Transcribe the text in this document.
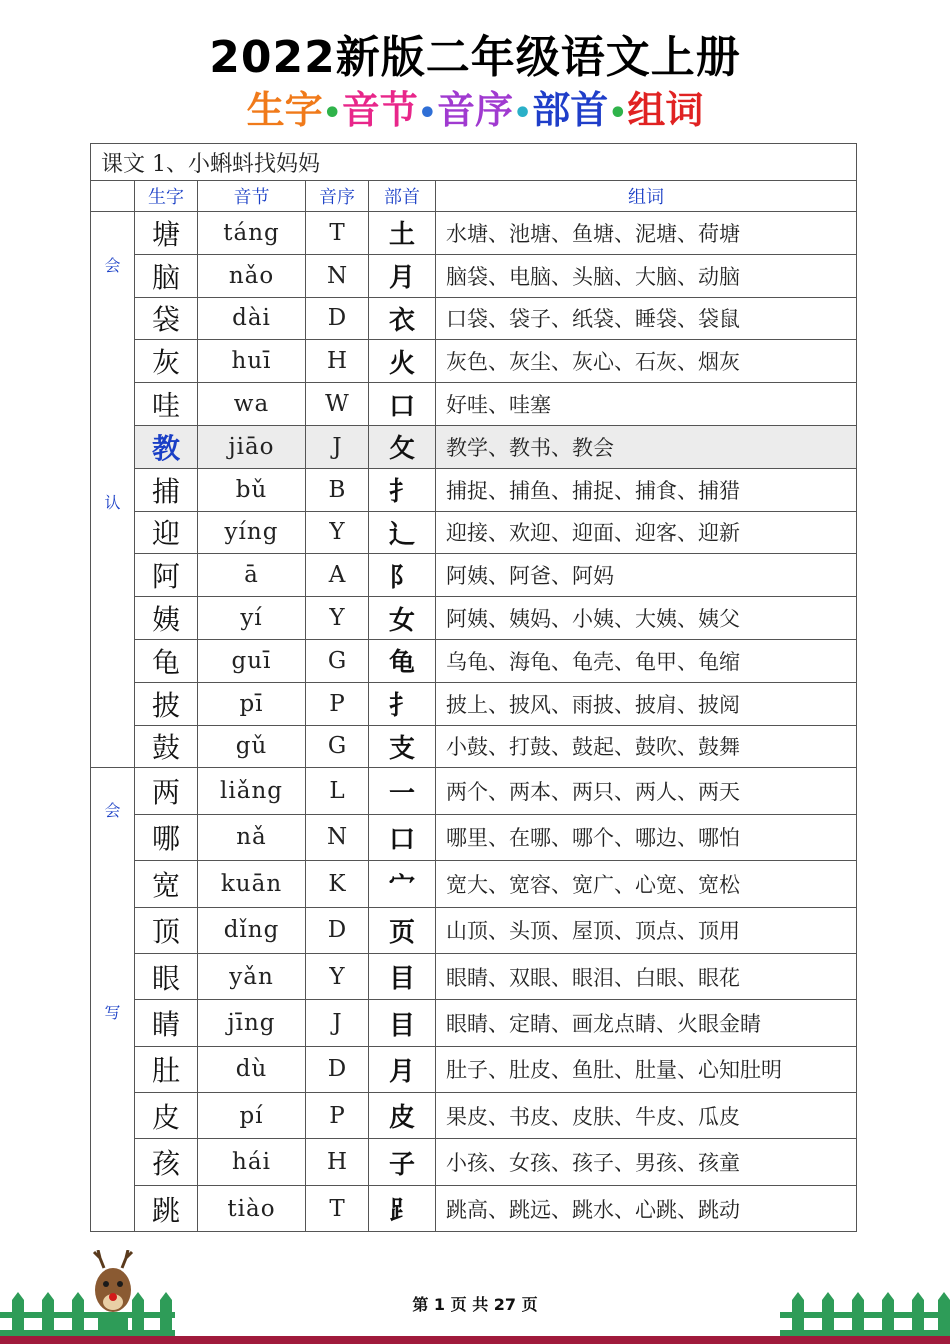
2022新版二年级语文上册
生字•音节•音序•部首•组词
课文 1、小蝌蚪找妈妈					
	生字	音节	音序	部首	组词

会
认	塘	táng	T	土	水塘、池塘、鱼塘、泥塘、荷塘
	脑	nǎo	N	月	脑袋、电脑、头脑、大脑、动脑
	袋	dài	D	衣	口袋、袋子、纸袋、睡袋、袋鼠
	灰	huī	H	火	灰色、灰尘、灰心、石灰、烟灰
	哇	wa	W	口	好哇、哇塞
	教	jiāo	J	攵	教学、教书、教会
	捕	bǔ	B	扌	捕捉、捕鱼、捕捉、捕食、捕猎
	迎	yíng	Y	辶	迎接、欢迎、迎面、迎客、迎新
	阿	ā	A	阝	阿姨、阿爸、阿妈
	姨	yí	Y	女	阿姨、姨妈、小姨、大姨、姨父
	龟	guī	G	龟	乌龟、海龟、龟壳、龟甲、龟缩
	披	pī	P	扌	披上、披风、雨披、披肩、披阅
	鼓	gǔ	G	支	小鼓、打鼓、鼓起、鼓吹、鼓舞

会
写	两	liǎng	L	一	两个、两本、两只、两人、两天
	哪	nǎ	N	口	哪里、在哪、哪个、哪边、哪怕
	宽	kuān	K	宀	宽大、宽容、宽广、心宽、宽松
	顶	dǐng	D	页	山顶、头顶、屋顶、顶点、顶用
	眼	yǎn	Y	目	眼睛、双眼、眼泪、白眼、眼花
	睛	jīng	J	目	眼睛、定睛、画龙点睛、火眼金睛
	肚	dù	D	月	肚子、肚皮、鱼肚、肚量、心知肚明
	皮	pí	P	皮	果皮、书皮、皮肤、牛皮、瓜皮
	孩	hái	H	子	小孩、女孩、孩子、男孩、孩童
	跳	tiào	T	⻊	跳高、跳远、跳水、心跳、跳动
第 1 页 共 27 页
